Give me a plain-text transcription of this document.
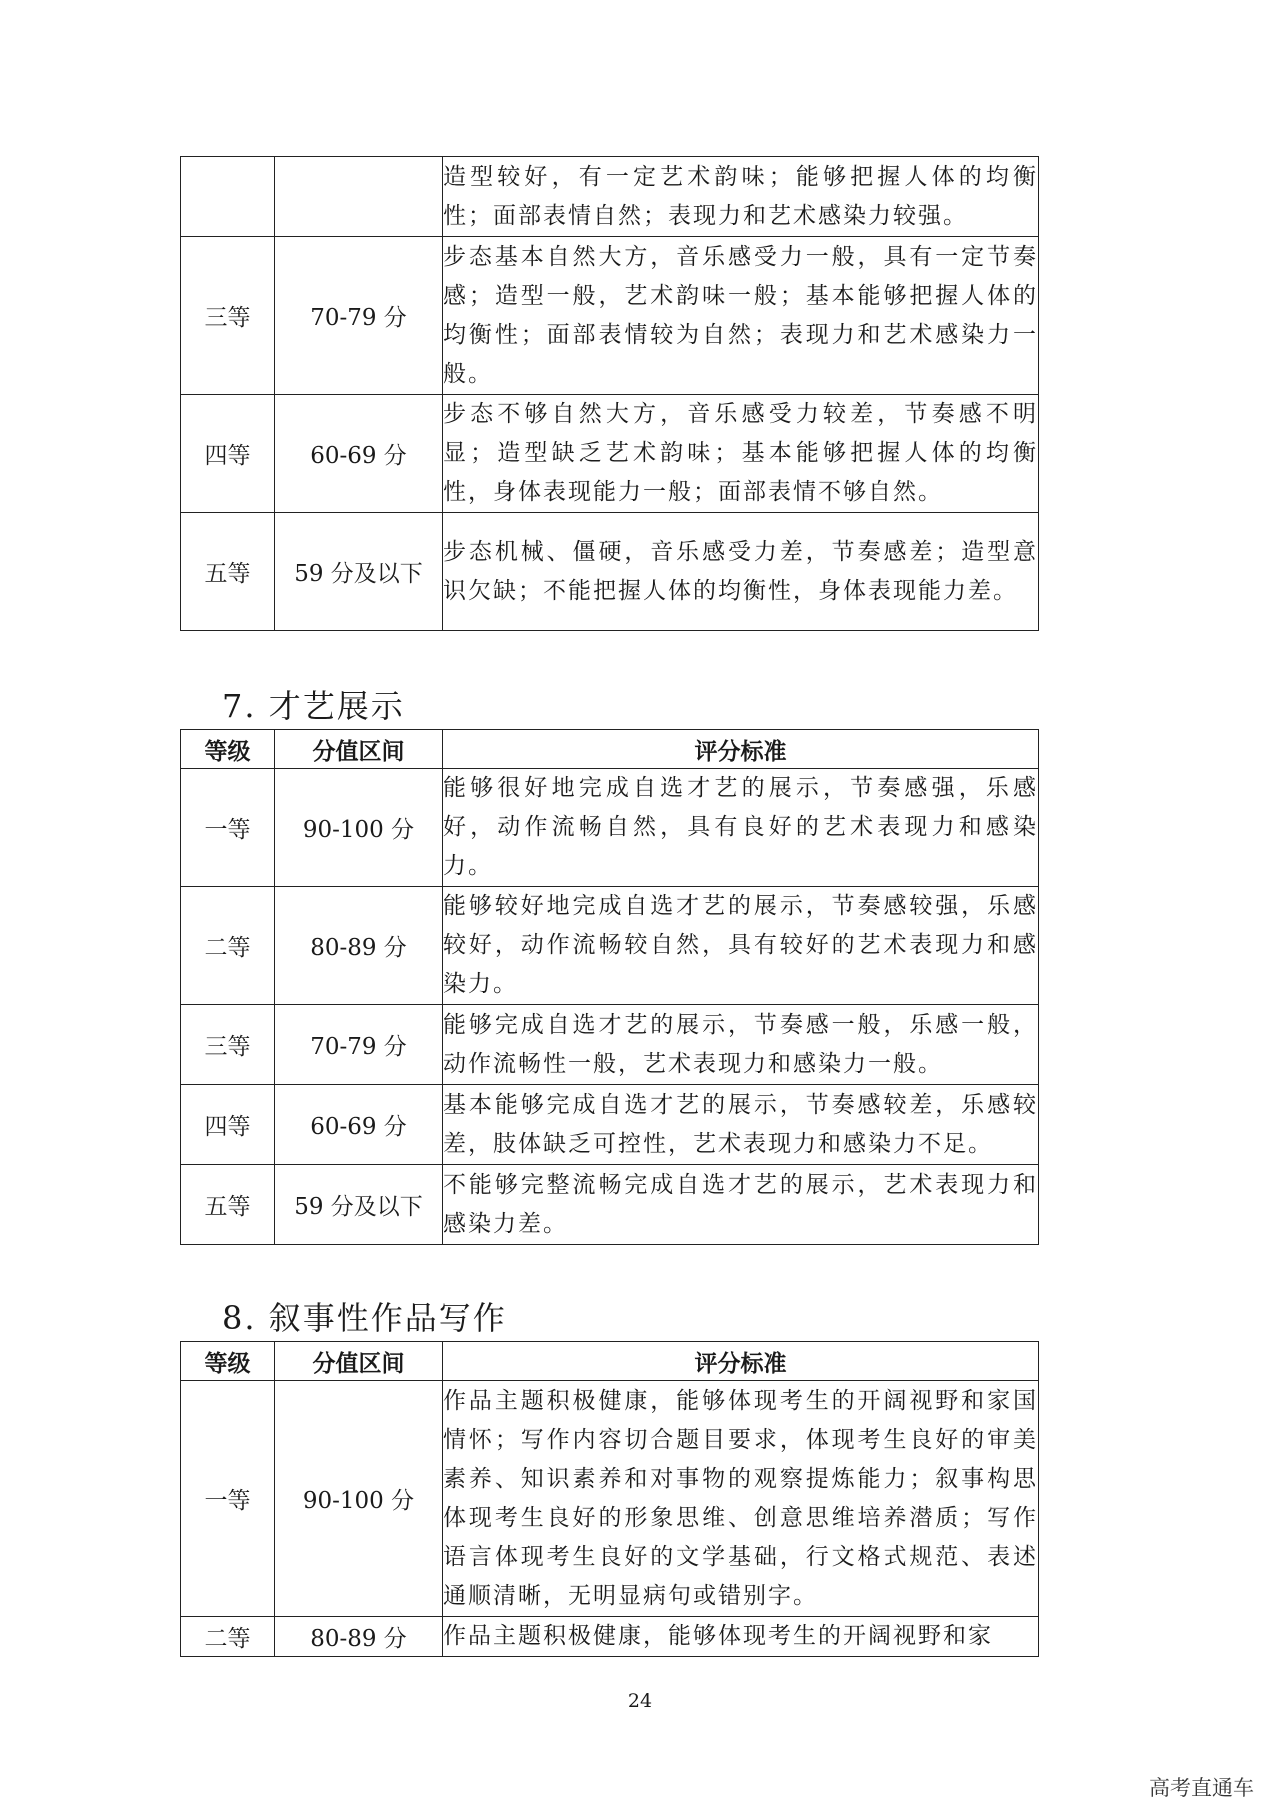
		造型较好，有一定艺术韵味；能够把握人体的均衡性；面部表情自然；表现力和艺术感染力较强。
三等	70-79 分	步态基本自然大方，音乐感受力一般，具有一定节奏感；造型一般，艺术韵味一般；基本能够把握人体的均衡性；面部表情较为自然；表现力和艺术感染力一般。
四等	60-69 分	步态不够自然大方，音乐感受力较差，节奏感不明显；造型缺乏艺术韵味；基本能够把握人体的均衡性，身体表现能力一般；面部表情不够自然。
五等	59 分及以下	步态机械、僵硬，音乐感受力差，节奏感差；造型意识欠缺；不能把握人体的均衡性，身体表现能力差。
7. 才艺展示
等级	分值区间	评分标准
一等	90-100 分	能够很好地完成自选才艺的展示，节奏感强，乐感好，动作流畅自然，具有良好的艺术表现力和感染力。
二等	80-89 分	能够较好地完成自选才艺的展示，节奏感较强，乐感较好，动作流畅较自然，具有较好的艺术表现力和感染力。
三等	70-79 分	能够完成自选才艺的展示，节奏感一般，乐感一般，动作流畅性一般，艺术表现力和感染力一般。
四等	60-69 分	基本能够完成自选才艺的展示，节奏感较差，乐感较差，肢体缺乏可控性，艺术表现力和感染力不足。
五等	59 分及以下	不能够完整流畅完成自选才艺的展示，艺术表现力和感染力差。
8. 叙事性作品写作
等级	分值区间	评分标准
一等	90-100 分	作品主题积极健康，能够体现考生的开阔视野和家国情怀；写作内容切合题目要求，体现考生良好的审美素养、知识素养和对事物的观察提炼能力；叙事构思体现考生良好的形象思维、创意思维培养潜质；写作语言体现考生良好的文学基础，行文格式规范、表述通顺清晰，无明显病句或错别字。
二等	80-89 分	作品主题积极健康，能够体现考生的开阔视野和家
24
高考直通车
